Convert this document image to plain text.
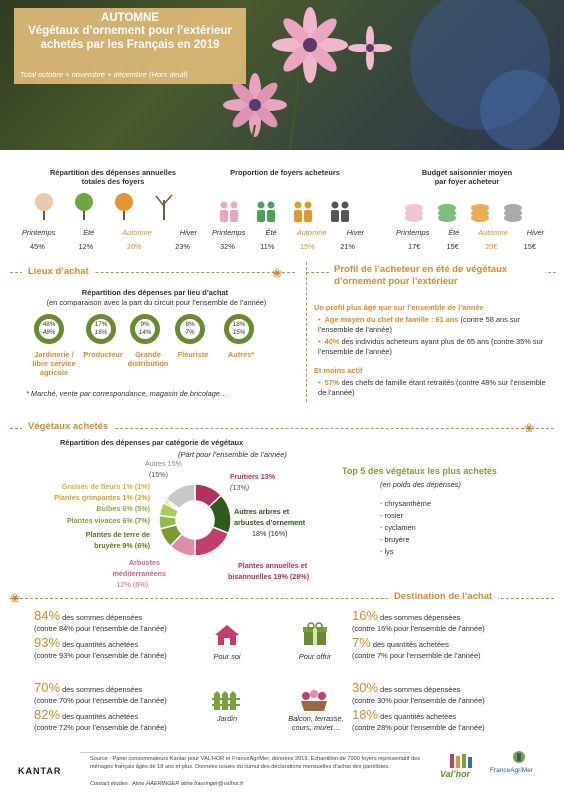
AUTOMNE
Végétaux d’ornement pour l’extérieur
achetés par les Français en 2019
Total octobre + novembre + décembre (Hors deuil)
Répartition des dépenses annuelles
totales des foyers
Printemps	Été	Automne	Hiver
45%	12%	20%	23%
Proportion de foyers acheteurs
Printemps	Été	Automne	Hiver
32%	11%	15%	21%
Budget saisonnier moyen
par foyer acheteur
Printemps	Été	Automne	Hiver
17€	15€	20€	15€
Lieux d’achat	❀
Répartition des dépenses par lieu d’achat
(en comparaison avec la part du circuit pour l’ensemble de l’année)
48%
48%
17%
16%
9%
14%
8%
7%
18%
15%
Jardinerie / libre service agricole
Producteur	Grande distribution
Fleuriste	Autres*
* Marché, vente par correspondance, magasin de bricolage…
Profil de l’acheteur en été de végétaux
d’ornement pour l’extérieur
Un profil plus âgé que sur l’ensemble de l’année
• Age moyen du chef de famille : 61 ans (contre 58 ans sur l’ensemble de l’année)
• 40% des individus acheteurs ayant plus de 65 ans (contre 35% sur l’ensemble de l’année)
Et moins actif
• 57% des chefs de famille étant retraités (contre 48% sur l’ensemble de l’année)
Végétaux achetés	❀
Répartition des dépenses par catégorie de végétaux
(Part pour l’ensemble de l’année)
Fruitiers 13%
(13%)
Autres arbres et
arbustes d’ornement
18% (16%)
Plantes annuelles et
bisannuelles 19% (28%)
Arbustes
méditerranéens
12% (6%)
Plantes de terre de
bruyère 9% (6%)
Plantes vivaces 6% (7%)
Bulbes 6% (5%)
Plantes grimpantes 1% (2%)
Graines de fleurs 1% (1%)
Autres 15%
(15%)	Top 5 des végétaux les plus achetés
(en poids des dépenses)
- chrysanthème
- rosier
- cyclamen
- bruyère
- lys
Destination de l’achat
❀
84% des sommes dépensées
(contre 84% pour l’ensemble de l’année)
93% des quantités achetées
(contre 93% pour l’ensemble de l’année)	Pour soi	Pour offrir
16% des sommes dépensées
(contre 16% pour l’ensemble de l’année)
7% des quantités achetées
(contre 7% pour l’ensemble de l’année)
70% des sommes dépensées
(contre 70% pour l’ensemble de l’année)
82% des quantités achetées
(contre 72% pour l’ensemble de l’année)
Jardin	Balcon, terrasse, cours, muret…
30% des sommes dépensées
(contre 30% pour l’ensemble de l’année)
18% des quantités achetées
(contre 28% pour l’ensemble de l’année)
KANTAR
Source : Panel consommateurs Kantar pour VAL’HOR et FranceAgriMer, données 2019. Echantillon de 7000 foyers représentatif des ménages français âgés de 18 ans et plus. Données issues du cumul des déclarations mensuelles d’achat des panélistes.
Contact études : Aline HAERINGER aline.haeringer@valhor.fr
Val’hor	FranceAgriMer
